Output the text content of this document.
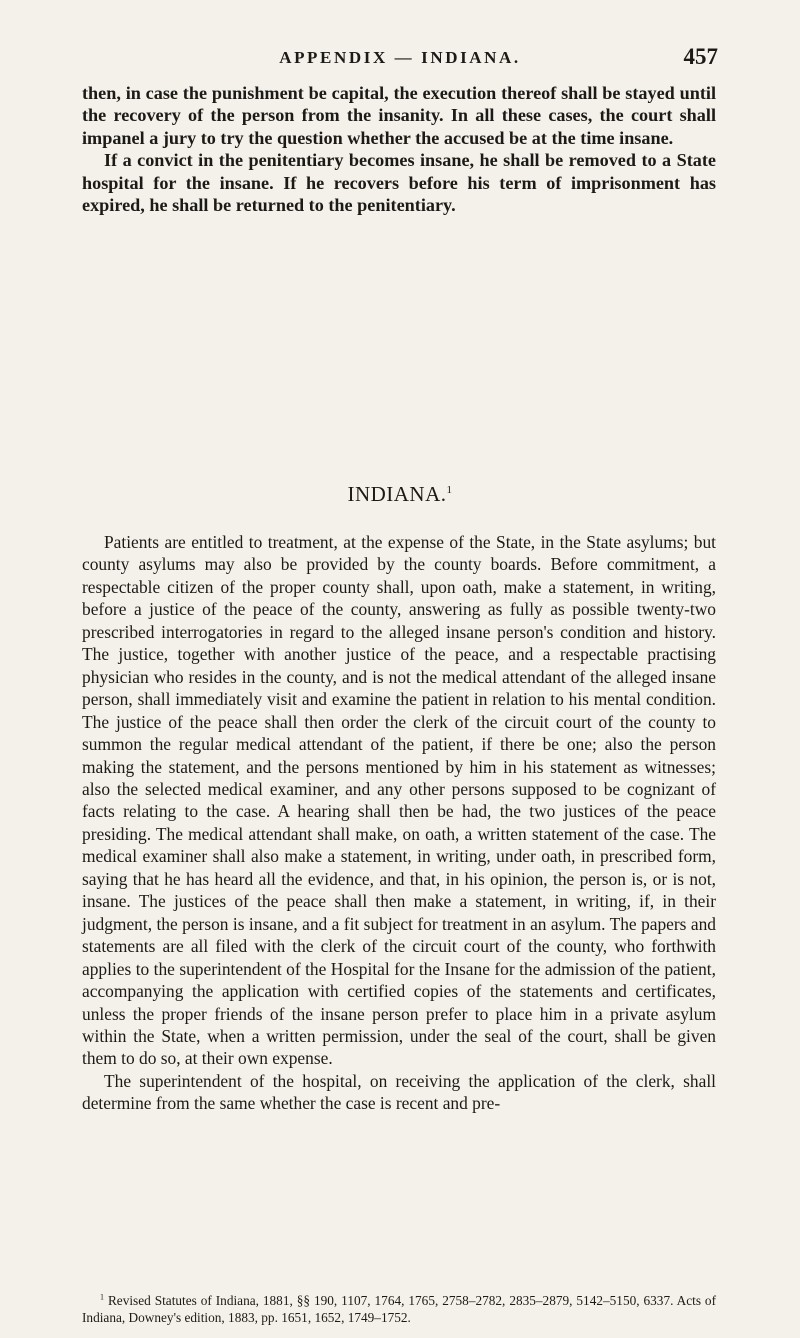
APPENDIX — INDIANA.	457

then, in case the punishment be capital, the execution thereof shall be stayed until the recovery of the person from the insanity. In all these cases, the court shall impanel a jury to try the question whether the accused be at the time insane.

If a convict in the penitentiary becomes insane, he shall be removed to a State hospital for the insane. If he recovers before his term of imprisonment has expired, he shall be returned to the penitentiary.

INDIANA.$^1$

Patients are entitled to treatment, at the expense of the State, in the State asylums; but county asylums may also be provided by the county boards. Before commitment, a respectable citizen of the proper county shall, upon oath, make a statement, in writing, before a justice of the peace of the county, answering as fully as possible twenty-two prescribed interrogatories in regard to the alleged insane person's condition and history. The justice, together with another justice of the peace, and a respectable practising physician who resides in the county, and is not the medical attendant of the alleged insane person, shall immediately visit and examine the patient in relation to his mental condition. The justice of the peace shall then order the clerk of the circuit court of the county to summon the regular medical attendant of the patient, if there be one; also the person making the statement, and the persons mentioned by him in his statement as witnesses; also the selected medical examiner, and any other persons supposed to be cognizant of facts relating to the case. A hearing shall then be had, the two justices of the peace presiding. The medical attendant shall make, on oath, a written statement of the case. The medical examiner shall also make a statement, in writing, under oath, in prescribed form, saying that he has heard all the evidence, and that, in his opinion, the person is, or is not, insane. The justices of the peace shall then make a statement, in writing, if, in their judgment, the person is insane, and a fit subject for treatment in an asylum. The papers and statements are all filed with the clerk of the circuit court of the county, who forthwith applies to the superintendent of the Hospital for the Insane for the admission of the patient, accompanying the application with certified copies of the statements and certificates, unless the proper friends of the insane person prefer to place him in a private asylum within the State, when a written permission, under the seal of the court, shall be given them to do so, at their own expense.

The superintendent of the hospital, on receiving the application of the clerk, shall determine from the same whether the case is recent and pre-

$^1$ Revised Statutes of Indiana, 1881, §§ 190, 1107, 1764, 1765, 2758–2782, 2835–2879, 5142–5150, 6337. Acts of Indiana, Downey's edition, 1883, pp. 1651, 1652, 1749–1752.
